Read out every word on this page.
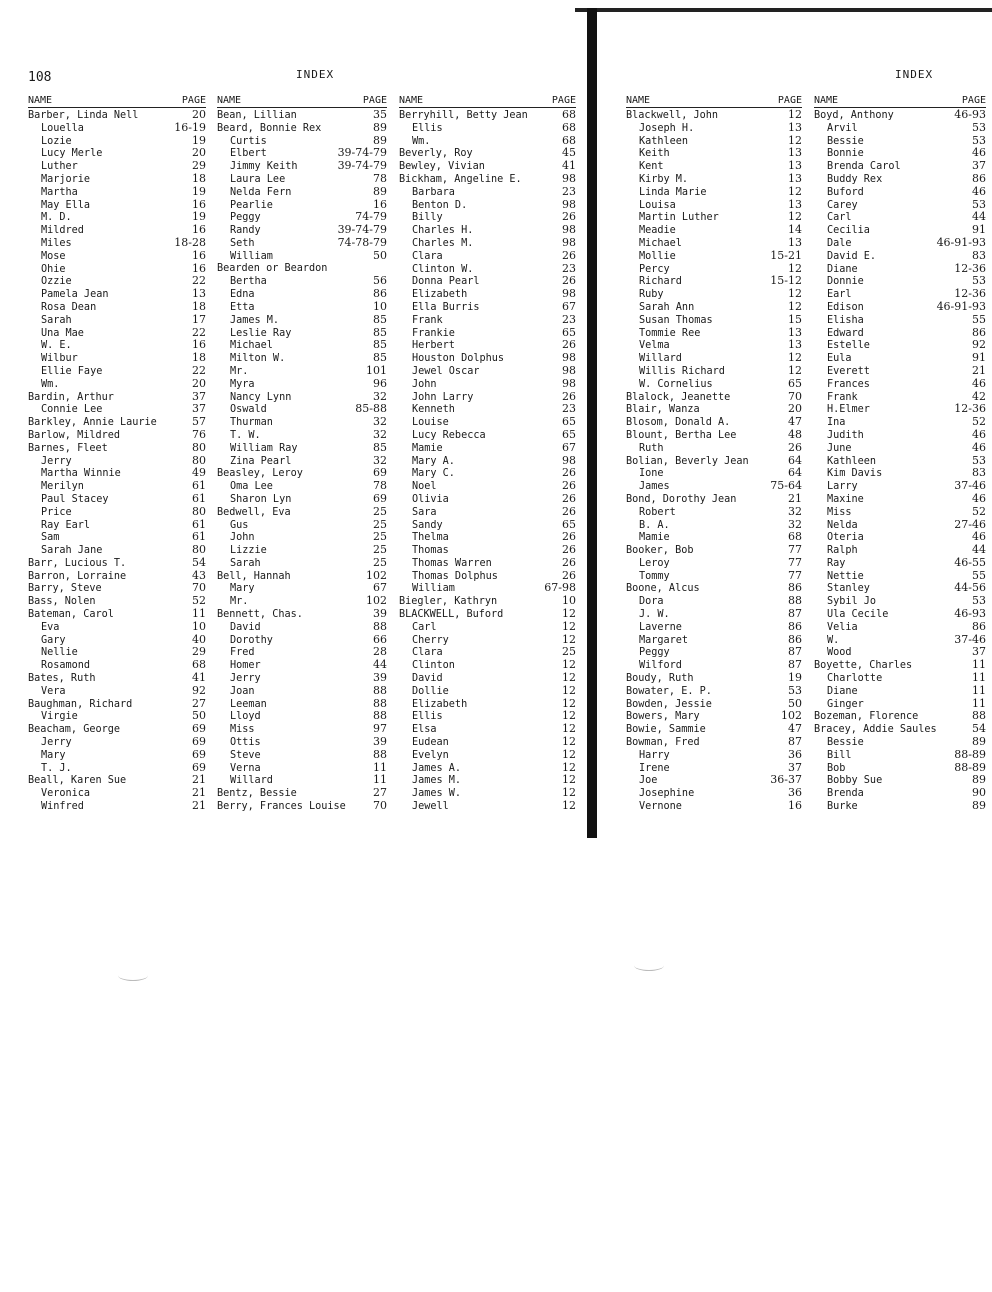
108	INDEX
NAME	PAGE
Barber, Linda Nell	20
Louella	16-19
Lozie	19
Lucy Merle	20
Luther	29
Marjorie	18
Martha	19
May Ella	16
M. D.	19
Mildred	16
Miles	18-28
Mose	16
Ohie	16
Ozzie	22
Pamela Jean	13
Rosa Dean	18
Sarah	17
Una Mae	22
W. E.	16
Wilbur	18
Ellie Faye	22
Wm.	20
Bardin, Arthur	37
Connie Lee	37
Barkley, Annie Laurie	57
Barlow, Mildred	76
Barnes, Fleet	80
Jerry	80
Martha Winnie	49
Merilyn	61
Paul Stacey	61
Price	80
Ray Earl	61
Sam	61
Sarah Jane	80
Barr, Lucious T.	54
Barron, Lorraine	43
Barry, Steve	70
Bass, Nolen	52
Bateman, Carol	11
Eva	10
Gary	40
Nellie	29
Rosamond	68
Bates, Ruth	41
Vera	92
Baughman, Richard	27
Virgie	50
Beacham, George	69
Jerry	69
Mary	69
T. J.	69
Beall, Karen Sue	21
Veronica	21
Winfred	21
NAME	PAGE
Bean, Lillian	35
Beard, Bonnie Rex	89
Curtis	89
Elbert	39-74-79
Jimmy Keith	39-74-79
Laura Lee	78
Nelda Fern	89
Pearlie	16
Peggy	74-79
Randy	39-74-79
Seth	74-78-79
William	50
Bearden or Beardon
Bertha	56
Edna	86
Etta	10
James M.	85
Leslie Ray	85
Michael	85
Milton W.	85
Mr.	101
Myra	96
Nancy Lynn	32
Oswald	85-88
Thurman	32
T. W.	32
William Ray	85
Zina Pearl	32
Beasley, Leroy	69
Oma Lee	78
Sharon Lyn	69
Bedwell, Eva	25
Gus	25
John	25
Lizzie	25
Sarah	25
Bell, Hannah	102
Mary	67
Mr.	102
Bennett, Chas.	39
David	88
Dorothy	66
Fred	28
Homer	44
Jerry	39
Joan	88
Leeman	88
Lloyd	88
Miss	97
Ottis	39
Steve	88
Verna	11
Willard	11
Bentz, Bessie	27
Berry, Frances Louise	70
NAME	PAGE
Berryhill, Betty Jean	68
Ellis	68
Wm.	68
Beverly, Roy	45
Bewley, Vivian	41
Bickham, Angeline E.	98
Barbara	23
Benton D.	98
Billy	26
Charles H.	98
Charles M.	98
Clara	26
Clinton W.	23
Donna Pearl	26
Elizabeth	98
Ella Burris	67
Frank	23
Frankie	65
Herbert	26
Houston Dolphus	98
Jewel Oscar	98
John	98
John Larry	26
Kenneth	23
Louise	65
Lucy Rebecca	65
Mamie	67
Mary A.	98
Mary C.	26
Noel	26
Olivia	26
Sara	26
Sandy	65
Thelma	26
Thomas	26
Thomas Warren	26
Thomas Dolphus	26
William	67-98
Biegler, Kathryn	10
BLACKWELL, Buford	12
Carl	12
Cherry	12
Clara	25
Clinton	12
David	12
Dollie	12
Elizabeth	12
Ellis	12
Elsa	12
Eudean	12
Evelyn	12
James A.	12
James M.	12
James W.	12
Jewell	12
INDEX
NAME	PAGE
Blackwell, John	12
Joseph H.	13
Kathleen	12
Keith	13
Kent	13
Kirby M.	13
Linda Marie	12
Louisa	13
Martin Luther	12
Meadie	14
Michael	13
Mollie	15-21
Percy	12
Richard	15-12
Ruby	12
Sarah Ann	12
Susan Thomas	15
Tommie Ree	13
Velma	13
Willard	12
Willis Richard	12
W. Cornelius	65
Blalock, Jeanette	70
Blair, Wanza	20
Blosom, Donald A.	47
Blount, Bertha Lee	48
Ruth	26
Bolian, Beverly Jean	64
Ione	64
James	75-64
Bond, Dorothy Jean	21
Robert	32
B. A.	32
Mamie	68
Booker, Bob	77
Leroy	77
Tommy	77
Boone, Alcus	86
Dora	88
J. W.	87
Laverne	86
Margaret	86
Peggy	87
Wilford	87
Boudy, Ruth	19
Bowater, E. P.	53
Bowden, Jessie	50
Bowers, Mary	102
Bowie, Sammie	47
Bowman, Fred	87
Harry	36
Irene	37
Joe	36-37
Josephine	36
Vernone	16
NAME	PAGE
Boyd, Anthony	46-93
Arvil	53
Bessie	53
Bonnie	46
Brenda Carol	37
Buddy Rex	86
Buford	46
Carey	53
Carl	44
Cecilia	91
Dale	46-91-93
David E.	83
Diane	12-36
Donnie	53
Earl	12-36
Edison	46-91-93
Elisha	55
Edward	86
Estelle	92
Eula	91
Everett	21
Frances	46
Frank	42
H.Elmer	12-36
Ina	52
Judith	46
June	46
Kathleen	53
Kim Davis	83
Larry	37-46
Maxine	46
Miss	52
Nelda	27-46
Oteria	46
Ralph	44
Ray	46-55
Nettie	55
Stanley	44-56
Sybil Jo	53
Ula Cecile	46-93
Velia	86
W.	37-46
Wood	37
Boyette, Charles	11
Charlotte	11
Diane	11
Ginger	11
Bozeman, Florence	88
Bracey, Addie Saules	54
Bessie	89
Bill	88-89
Bob	88-89
Bobby Sue	89
Brenda	90
Burke	89
